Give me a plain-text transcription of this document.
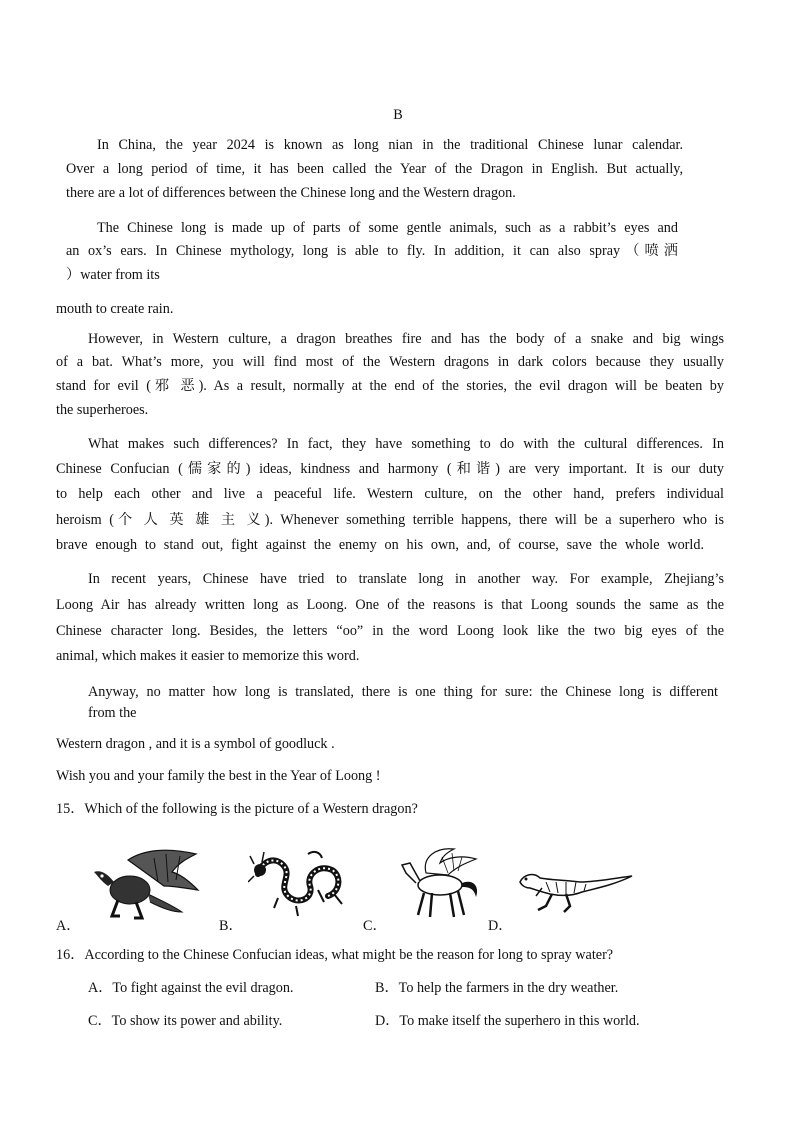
B
In China, the year 2024 is known as long nian in the traditional Chinese lunar calendar.
Over a long period of time, it has been called the Year of the Dragon in English. But actually,
there are a lot of differences between the Chinese long and the Western dragon.
The Chinese long is made up of parts of some gentle animals, such as a rabbit’s eyes and
an ox’s ears. In Chinese mythology, long is able to fly. In addition, it can also spray（喷洒
）water from its
mouth to create rain.
However, in Western culture, a dragon breathes fire and has the body of a snake and big wings
of a bat. What’s more, you will find most of the Western dragons in dark colors because they usually
stand for evil (邪 恶). As a result, normally at the end of the stories, the evil dragon will be beaten by
the superheroes.
What makes such differences? In fact, they have something to do with the cultural differences. In
Chinese Confucian (儒家的) ideas, kindness and harmony (和谐) are very important. It is our duty
to help each other and live a peaceful life. Western culture, on the other hand, prefers individual
heroism (个 人 英 雄 主 义). Whenever something terrible happens, there will be a superhero who is
brave enough to stand out, fight against the enemy on his own, and, of course, save the whole world.
In recent years, Chinese have tried to translate long in another way. For example, Zhejiang’s
Loong Air has already written long as Loong. One of the reasons is that Loong sounds the same as the
Chinese character long. Besides, the letters “oo” in the word Loong look like the two big eyes of the
animal, which makes it easier to memorize this word.
Anyway, no matter how long is translated, there is one thing for sure: the Chinese long is different
from the
Western dragon , and it is a symbol of goodluck .
Wish you and your family the best in the Year of Loong !
15．Which of the following is the picture of a Western dragon?
A．	B．	C．	D．
16．According to the Chinese Confucian ideas, what might be the reason for long to spray water?
A．To fight against the evil dragon.	B．To help the farmers in the dry weather.
C．To show its power and ability.	D．To make itself the superhero in this world.
